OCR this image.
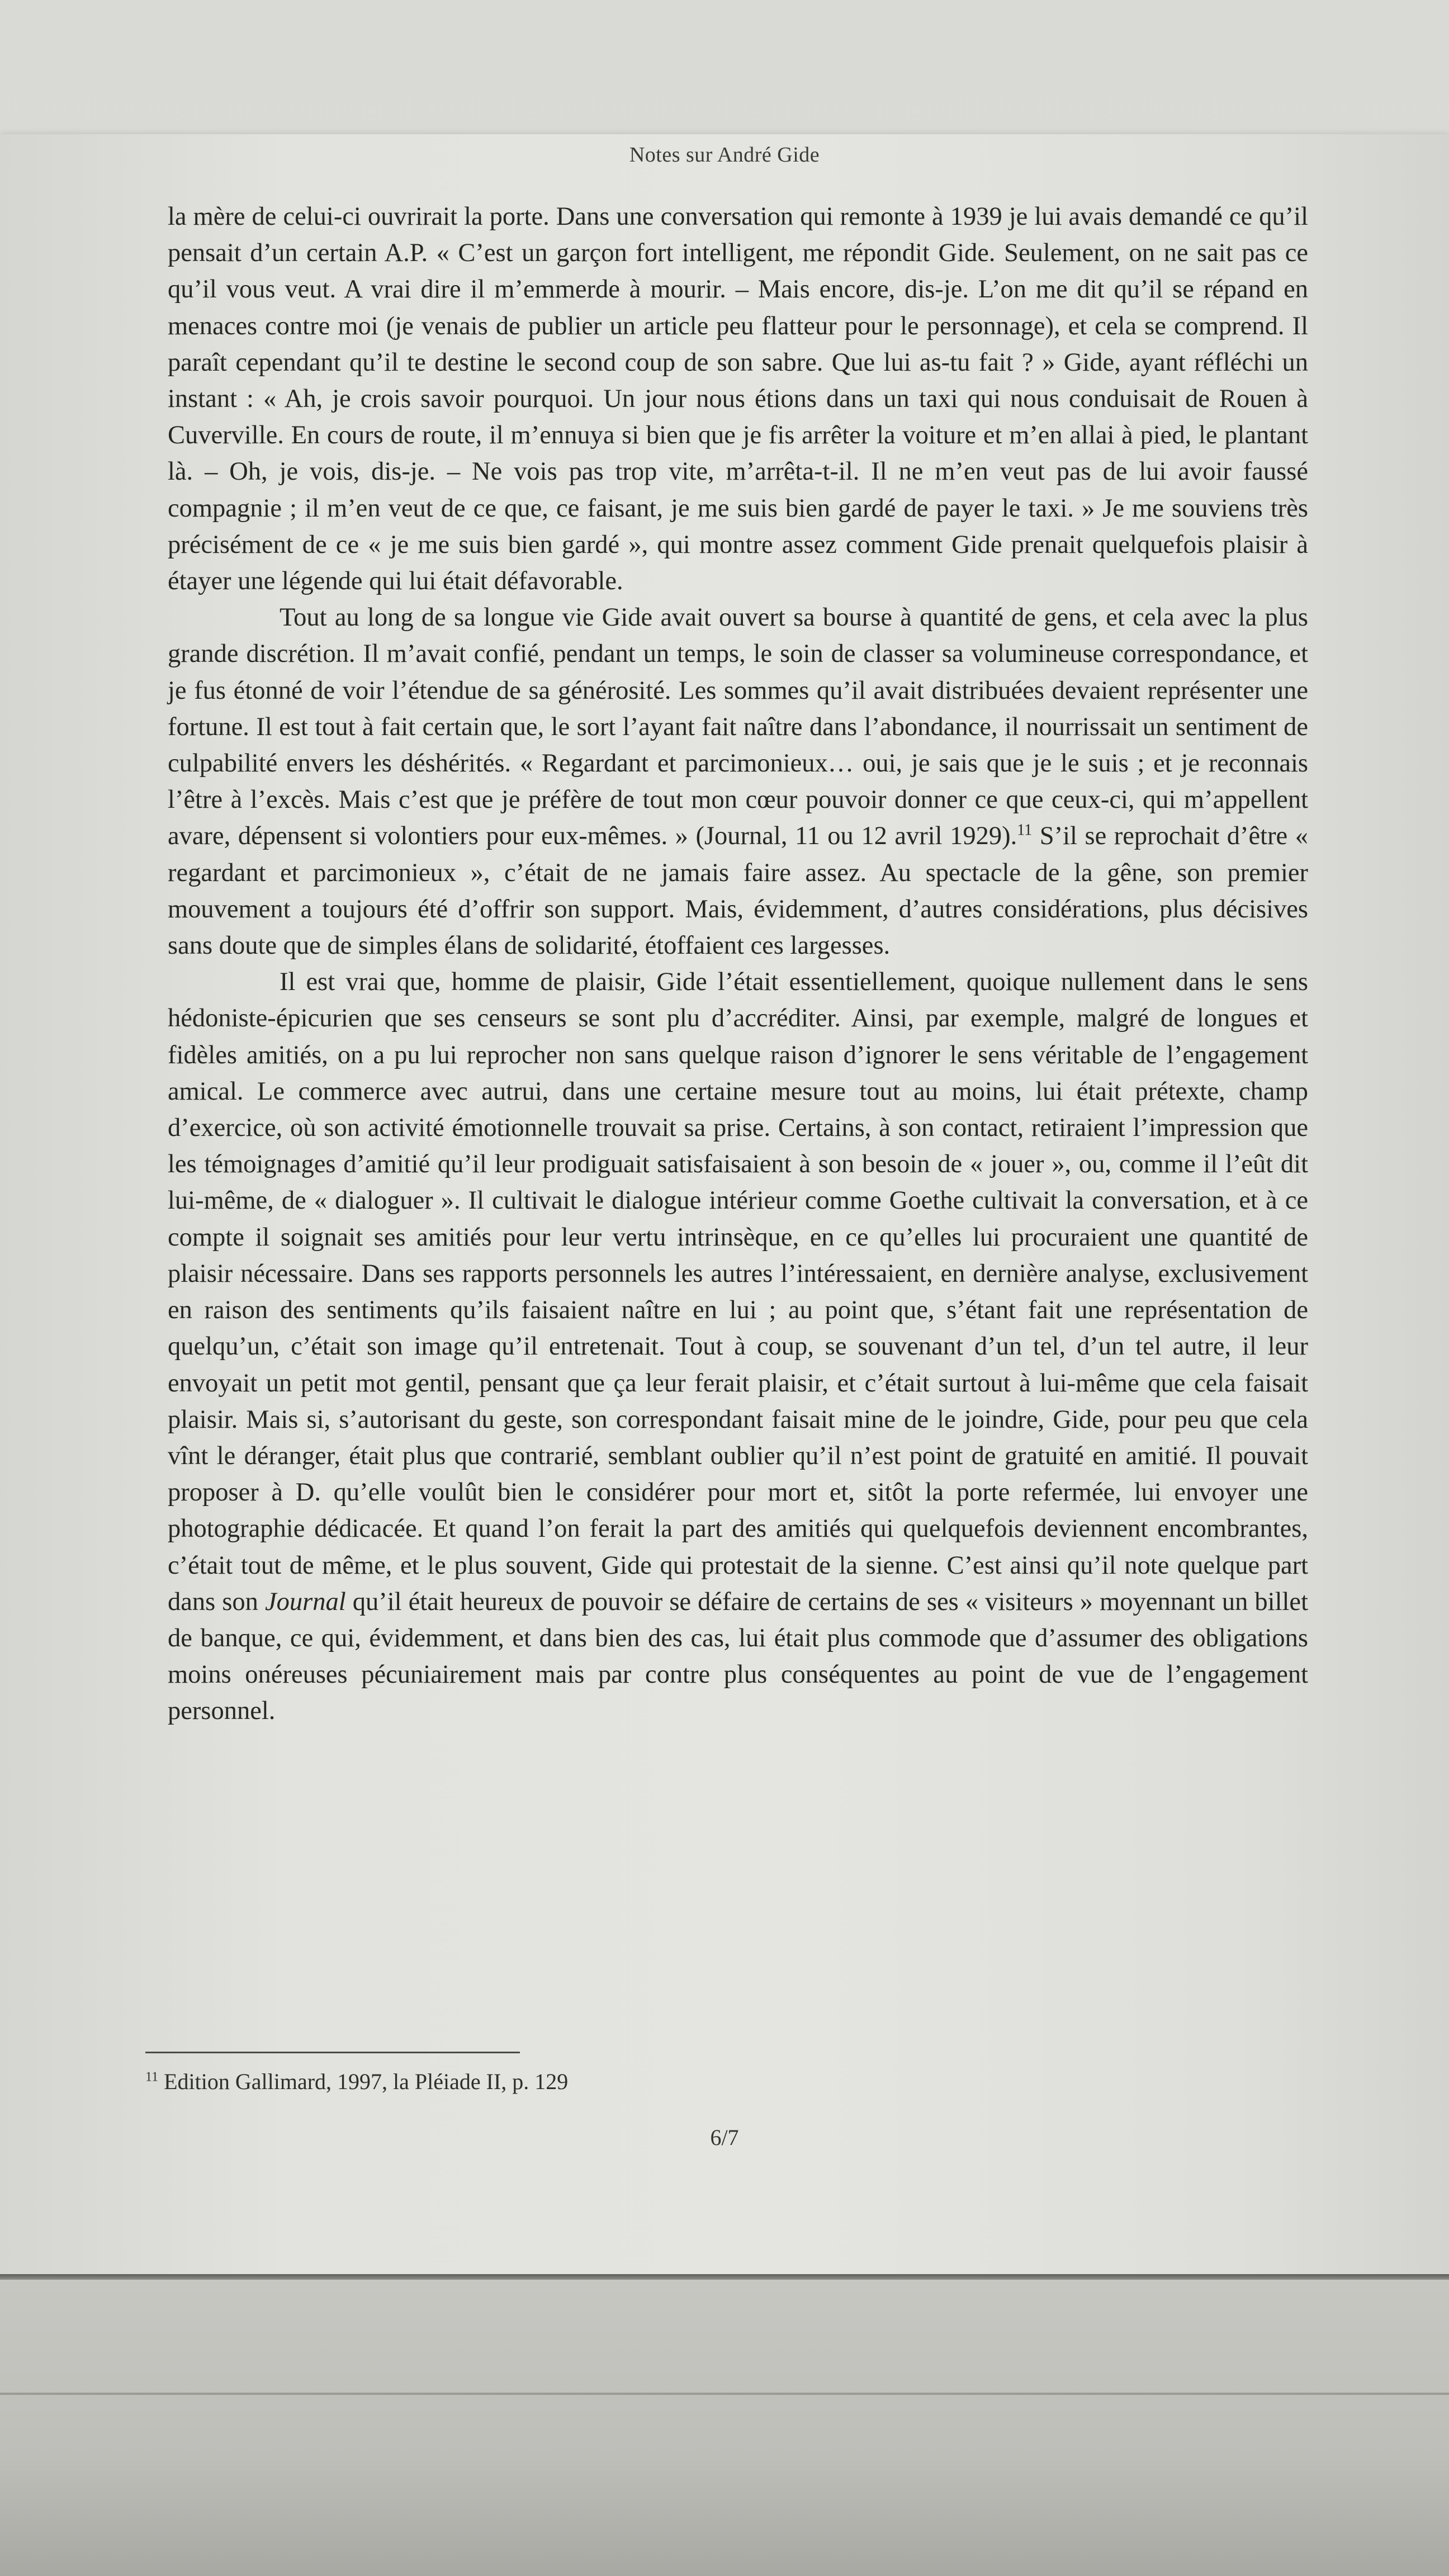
Notes sur André Gide

la mère de celui-ci ouvrirait la porte. Dans une conversation qui remonte à 1939 je lui avais demandé ce qu’il pensait d’un certain A.P. « C’est un garçon fort intelligent, me répondit Gide. Seulement, on ne sait pas ce qu’il vous veut. A vrai dire il m’emmerde à mourir. – Mais encore, dis-je. L’on me dit qu’il se répand en menaces contre moi (je venais de publier un article peu flatteur pour le personnage), et cela se comprend. Il paraît cependant qu’il te destine le second coup de son sabre. Que lui as-tu fait ? » Gide, ayant réfléchi un instant : « Ah, je crois savoir pourquoi. Un jour nous étions dans un taxi qui nous conduisait de Rouen à Cuverville. En cours de route, il m’ennuya si bien que je fis arrêter la voiture et m’en allai à pied, le plantant là. – Oh, je vois, dis-je. – Ne vois pas trop vite, m’arrêta-t-il. Il ne m’en veut pas de lui avoir faussé compagnie ; il m’en veut de ce que, ce faisant, je me suis bien gardé de payer le taxi. » Je me souviens très précisément de ce « je me suis bien gardé », qui montre assez comment Gide prenait quelquefois plaisir à étayer une légende qui lui était défavorable.

Tout au long de sa longue vie Gide avait ouvert sa bourse à quantité de gens, et cela avec la plus grande discrétion. Il m’avait confié, pendant un temps, le soin de classer sa volumineuse correspondance, et je fus étonné de voir l’étendue de sa générosité. Les sommes qu’il avait distribuées devaient représenter une fortune. Il est tout à fait certain que, le sort l’ayant fait naître dans l’abondance, il nourrissait un sentiment de culpabilité envers les déshérités. « Regardant et parcimonieux… oui, je sais que je le suis ; et je reconnais l’être à l’excès. Mais c’est que je préfère de tout mon cœur pouvoir donner ce que ceux-ci, qui m’appellent avare, dépensent si volontiers pour eux-mêmes. » (Journal, 11 ou 12 avril 1929).$^{11}$ S’il se reprochait d’être « regardant et parcimonieux », c’était de ne jamais faire assez. Au spectacle de la gêne, son premier mouvement a toujours été d’offrir son support. Mais, évidemment, d’autres considérations, plus décisives sans doute que de simples élans de solidarité, étoffaient ces largesses.

Il est vrai que, homme de plaisir, Gide l’était essentiellement, quoique nullement dans le sens hédoniste-épicurien que ses censeurs se sont plu d’accréditer. Ainsi, par exemple, malgré de longues et fidèles amitiés, on a pu lui reprocher non sans quelque raison d’ignorer le sens véritable de l’engagement amical. Le commerce avec autrui, dans une certaine mesure tout au moins, lui était prétexte, champ d’exercice, où son activité émotionnelle trouvait sa prise. Certains, à son contact, retiraient l’impression que les témoignages d’amitié qu’il leur prodiguait satisfaisaient à son besoin de « jouer », ou, comme il l’eût dit lui-même, de « dialoguer ». Il cultivait le dialogue intérieur comme Goethe cultivait la conversation, et à ce compte il soignait ses amitiés pour leur vertu intrinsèque, en ce qu’elles lui procuraient une quantité de plaisir nécessaire. Dans ses rapports personnels les autres l’intéressaient, en dernière analyse, exclusivement en raison des sentiments qu’ils faisaient naître en lui ; au point que, s’étant fait une représentation de quelqu’un, c’était son image qu’il entretenait. Tout à coup, se souvenant d’un tel, d’un tel autre, il leur envoyait un petit mot gentil, pensant que ça leur ferait plaisir, et c’était surtout à lui-même que cela faisait plaisir. Mais si, s’autorisant du geste, son correspondant faisait mine de le joindre, Gide, pour peu que cela vînt le déranger, était plus que contrarié, semblant oublier qu’il n’est point de gratuité en amitié. Il pouvait proposer à D. qu’elle voulût bien le considérer pour mort et, sitôt la porte refermée, lui envoyer une photographie dédicacée. Et quand l’on ferait la part des amitiés qui quelquefois deviennent encombrantes, c’était tout de même, et le plus souvent, Gide qui protestait de la sienne. C’est ainsi qu’il note quelque part dans son Journal qu’il était heureux de pouvoir se défaire de certains de ses « visiteurs » moyennant un billet de banque, ce qui, évidemment, et dans bien des cas, lui était plus commode que d’assumer des obligations moins onéreuses pécuniairement mais par contre plus conséquentes au point de vue de l’engagement personnel.

$^{11}$ Edition Gallimard, 1997, la Pléiade II, p. 129
6/7
